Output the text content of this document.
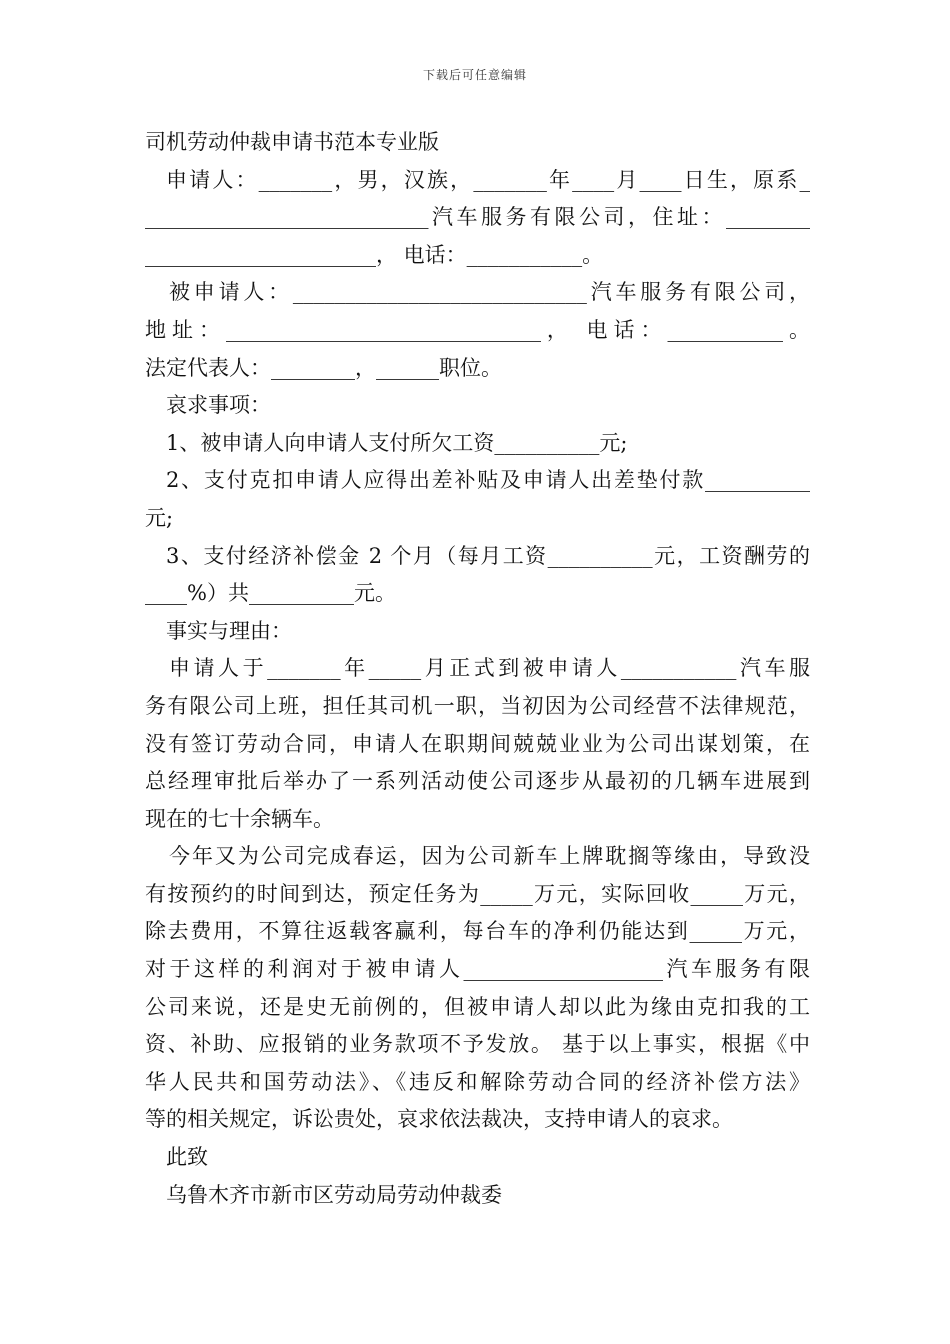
下载后可任意编辑
司机劳动仲裁申请书范本专业版
申请人：_______，男，汉族，_______年____月____日生，原系_
___________________________汽车服务有限公司，住址：________
______________________， 电话：___________。
被申请人：____________________________汽车服务有限公司，
地址：______________________________， 电话：___________。
法定代表人：________，______职位。
哀求事项：
1、被申请人向申请人支付所欠工资__________元;
2、支付克扣申请人应得出差补贴及申请人出差垫付款__________
元;
3、支付经济补偿金 2 个月（每月工资__________元，工资酬劳的
____%）共__________元。
事实与理由：
申请人于_______年_____月正式到被申请人___________汽车服
务有限公司上班，担任其司机一职，当初因为公司经营不法律规范，
没有签订劳动合同，申请人在职期间兢兢业业为公司出谋划策，在
总经理审批后举办了一系列活动使公司逐步从最初的几辆车进展到
现在的七十余辆车。
今年又为公司完成春运，因为公司新车上牌耽搁等缘由，导致没
有按预约的时间到达，预定任务为_____万元，实际回收_____万元，
除去费用，不算往返载客赢利，每台车的净利仍能达到_____万元，
对于这样的利润对于被申请人___________________汽车服务有限
公司来说，还是史无前例的，但被申请人却以此为缘由克扣我的工
资、补助、应报销的业务款项不予发放。 基于以上事实，根据《中
华人民共和国劳动法》、《违反和解除劳动合同的经济补偿方法》
等的相关规定，诉讼贵处，哀求依法裁决，支持申请人的哀求。
此致
乌鲁木齐市新市区劳动局劳动仲裁委
